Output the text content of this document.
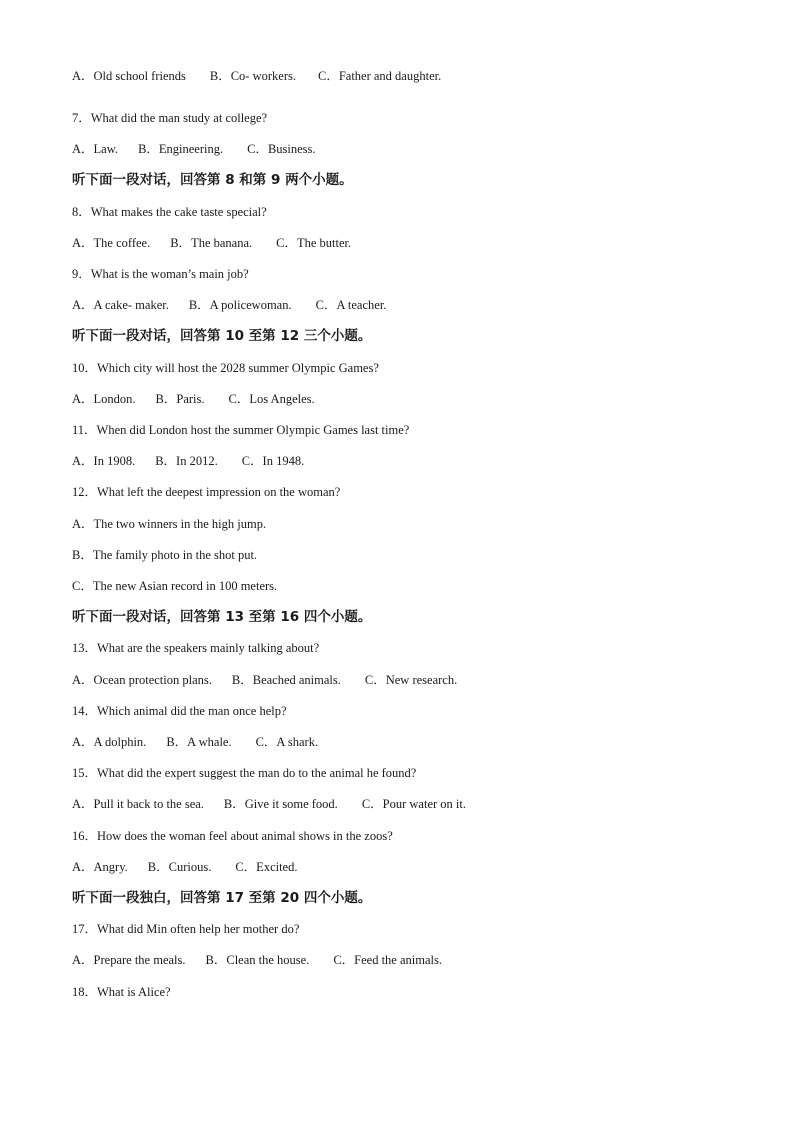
A．Old school friends B．Co- workers. C．Father and daughter.
7．What did the man study at college?
A．Law. B．Engineering. C．Business.
听下面一段对话，回答第 8 和第 9 两个小题。
8．What makes the cake taste special?
A．The coffee. B．The banana. C．The butter.
9．What is the woman’s main job?
A．A cake- maker. B．A policewoman. C．A teacher.
听下面一段对话，回答第 10 至第 12 三个小题。
10．Which city will host the 2028 summer Olympic Games?
A．London. B．Paris. C．Los Angeles.
11．When did London host the summer Olympic Games last time?
A．In 1908. B．In 2012. C．In 1948.
12．What left the deepest impression on the woman?
A．The two winners in the high jump.
B．The family photo in the shot put.
C．The new Asian record in 100 meters.
听下面一段对话，回答第 13 至第 16 四个小题。
13．What are the speakers mainly talking about?
A．Ocean protection plans. B．Beached animals. C．New research.
14．Which animal did the man once help?
A．A dolphin. B．A whale. C．A shark.
15．What did the expert suggest the man do to the animal he found?
A．Pull it back to the sea. B．Give it some food. C．Pour water on it.
16．How does the woman feel about animal shows in the zoos?
A．Angry. B．Curious. C．Excited.
听下面一段独白，回答第 17 至第 20 四个小题。
17．What did Min often help her mother do?
A．Prepare the meals. B．Clean the house. C．Feed the animals.
18．What is Alice?
